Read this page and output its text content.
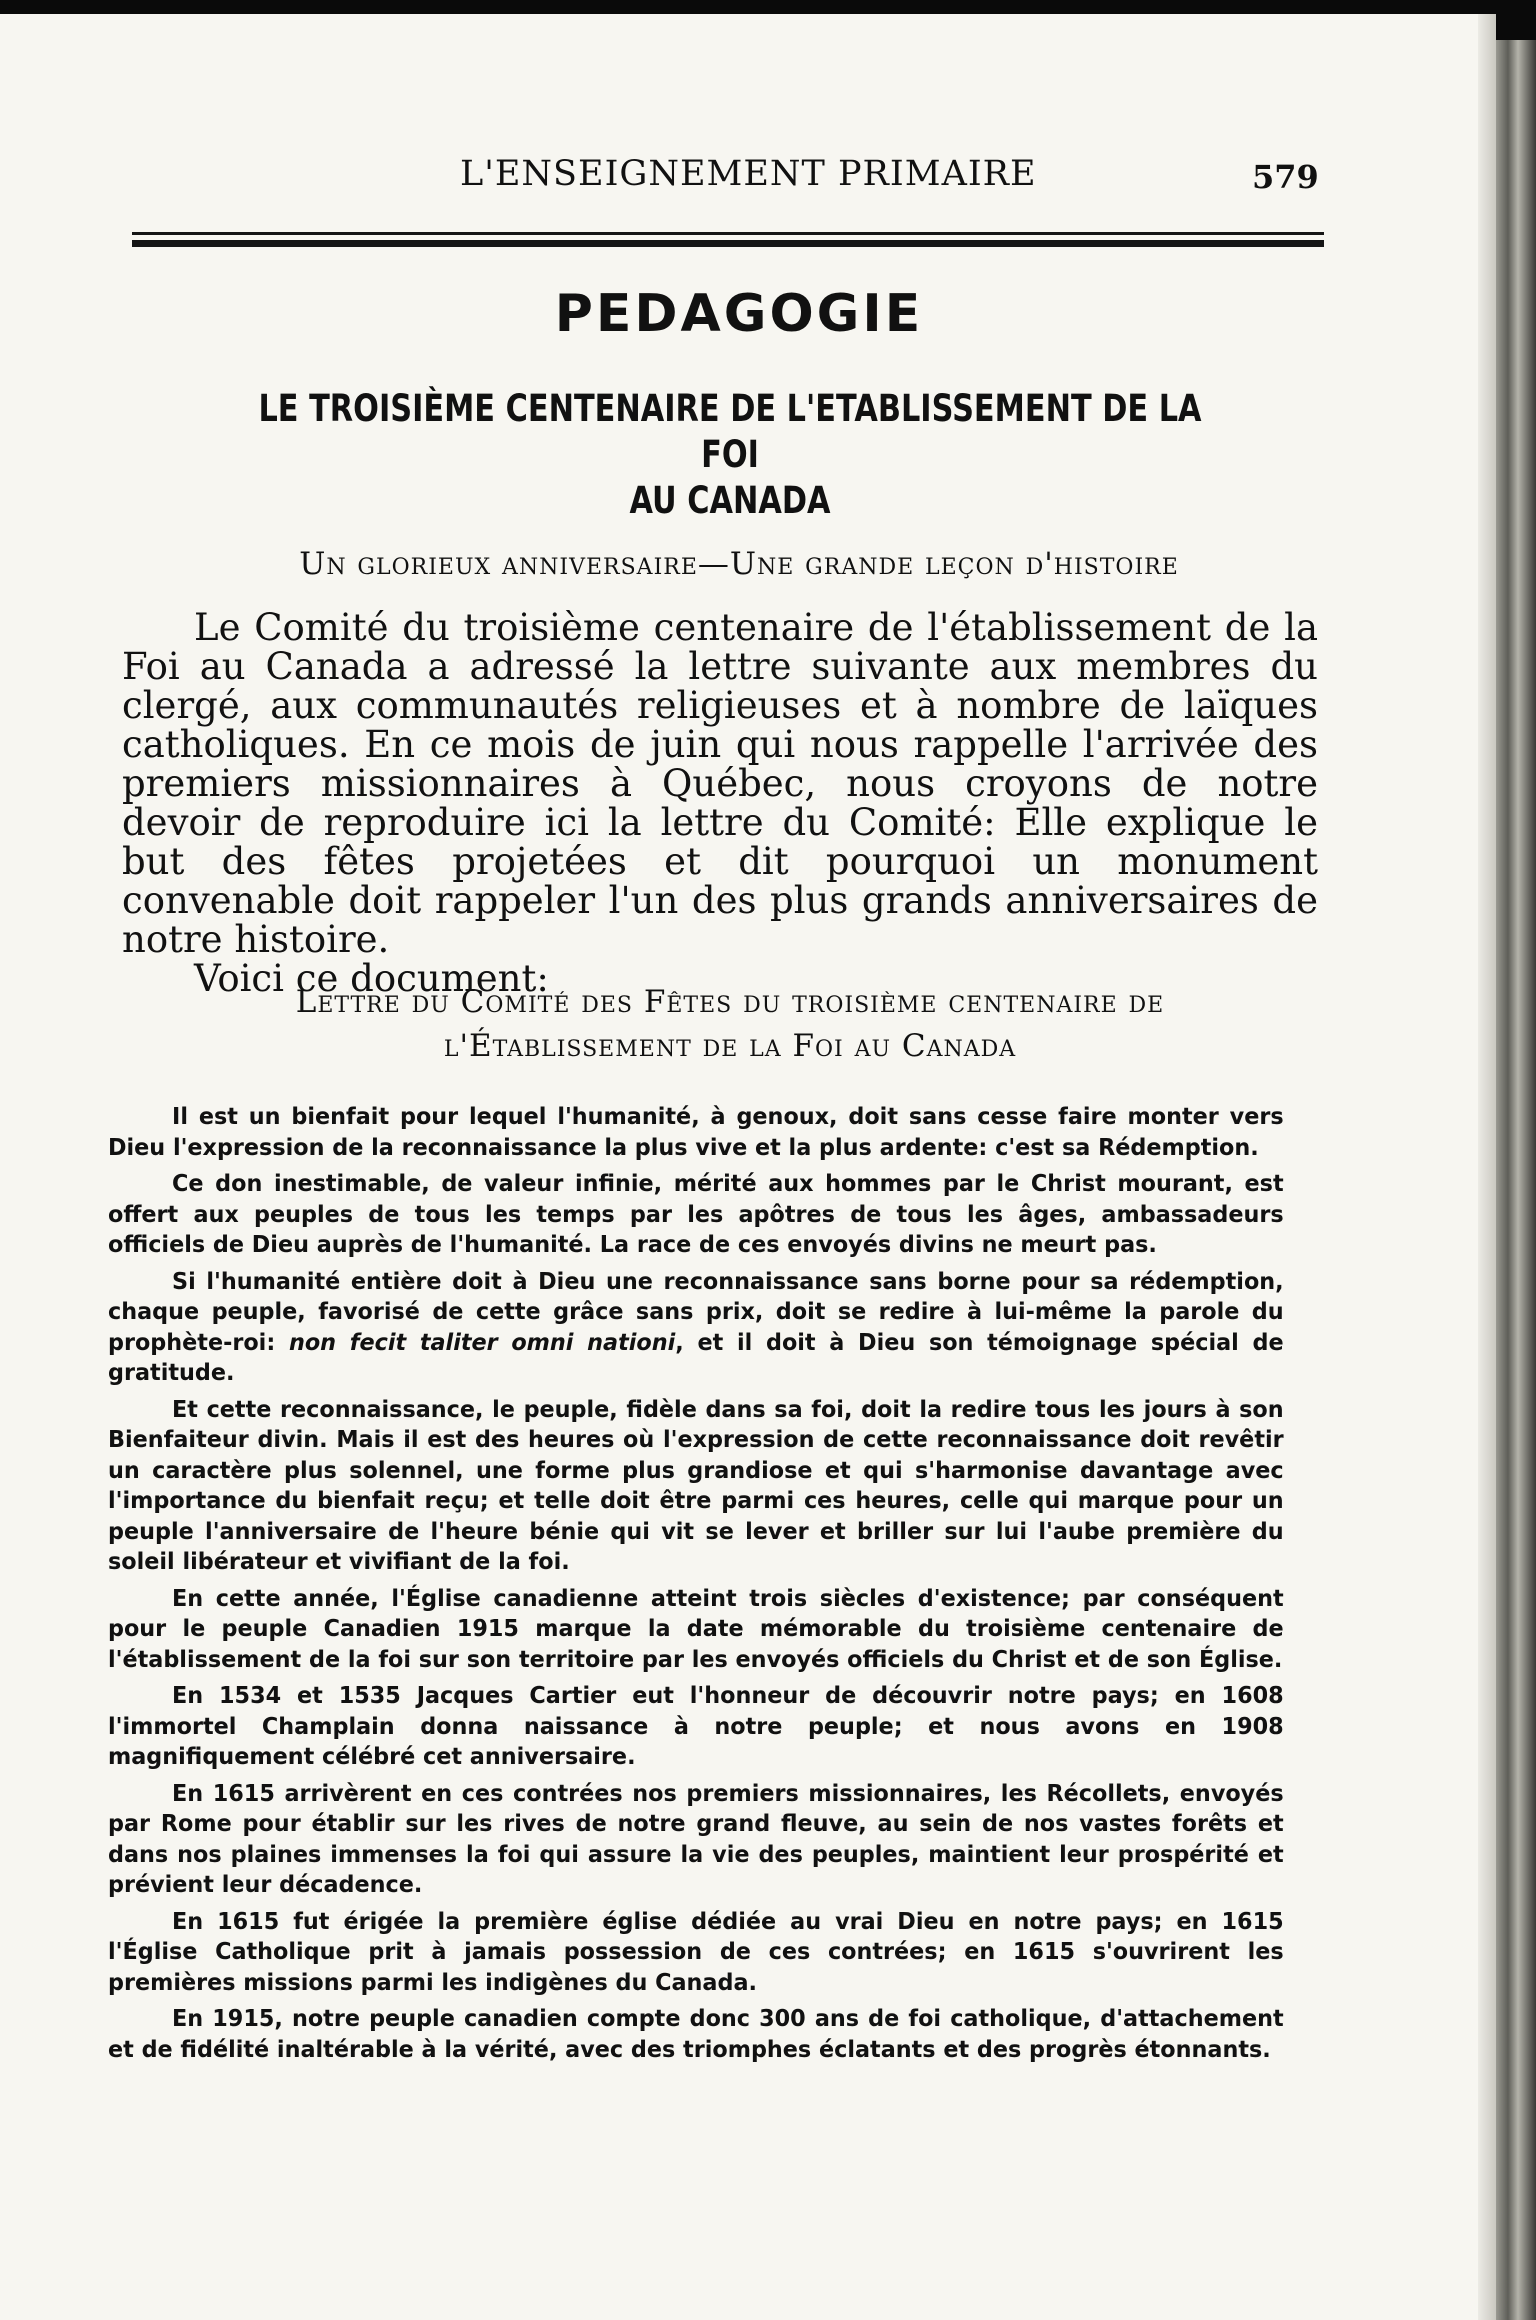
L'ENSEIGNEMENT PRIMAIRE	579
PEDAGOGIE
LE TROISIÈME CENTENAIRE DE L'ETABLISSEMENT DE LA FOI
AU CANADA
Un glorieux anniversaire—Une grande leçon d'histoire

Le Comité du troisième centenaire de l'établissement de la Foi au Canada a adressé la lettre suivante aux membres du clergé, aux communautés religieuses et à nombre de laïques catholiques. En ce mois de juin qui nous rappelle l'arrivée des premiers missionnaires à Québec, nous croyons de notre devoir de reproduire ici la lettre du Comité: Elle explique le but des fêtes projetées et dit pourquoi un monument convenable doit rappeler l'un des plus grands anniversaires de notre histoire.

Voici ce document:

Lettre du Comité des Fêtes du troisième centenaire de
l'Établissement de la Foi au Canada

Il est un bienfait pour lequel l'humanité, à genoux, doit sans cesse faire monter vers Dieu l'expression de la reconnaissance la plus vive et la plus ardente: c'est sa Rédemption.

Ce don inestimable, de valeur infinie, mérité aux hommes par le Christ mourant, est offert aux peuples de tous les temps par les apôtres de tous les âges, ambassadeurs officiels de Dieu auprès de l'humanité. La race de ces envoyés divins ne meurt pas.

Si l'humanité entière doit à Dieu une reconnaissance sans borne pour sa rédemption, chaque peuple, favorisé de cette grâce sans prix, doit se redire à lui-même la parole du prophète-roi: non fecit taliter omni nationi, et il doit à Dieu son témoignage spécial de gratitude.

Et cette reconnaissance, le peuple, fidèle dans sa foi, doit la redire tous les jours à son Bienfaiteur divin. Mais il est des heures où l'expression de cette reconnaissance doit revêtir un caractère plus solennel, une forme plus grandiose et qui s'harmonise davantage avec l'importance du bienfait reçu; et telle doit être parmi ces heures, celle qui marque pour un peuple l'anniversaire de l'heure bénie qui vit se lever et briller sur lui l'aube première du soleil libérateur et vivifiant de la foi.

En cette année, l'Église canadienne atteint trois siècles d'existence; par conséquent pour le peuple Canadien 1915 marque la date mémorable du troisième centenaire de l'établissement de la foi sur son territoire par les envoyés officiels du Christ et de son Église.

En 1534 et 1535 Jacques Cartier eut l'honneur de découvrir notre pays; en 1608 l'immortel Champlain donna naissance à notre peuple; et nous avons en 1908 magnifiquement célébré cet anniversaire.

En 1615 arrivèrent en ces contrées nos premiers missionnaires, les Récollets, envoyés par Rome pour établir sur les rives de notre grand fleuve, au sein de nos vastes forêts et dans nos plaines immenses la foi qui assure la vie des peuples, maintient leur prospérité et prévient leur décadence.

En 1615 fut érigée la première église dédiée au vrai Dieu en notre pays; en 1615 l'Église Catholique prit à jamais possession de ces contrées; en 1615 s'ouvrirent les premières missions parmi les indigènes du Canada.

En 1915, notre peuple canadien compte donc 300 ans de foi catholique, d'attachement et de fidélité inaltérable à la vérité, avec des triomphes éclatants et des progrès étonnants.
